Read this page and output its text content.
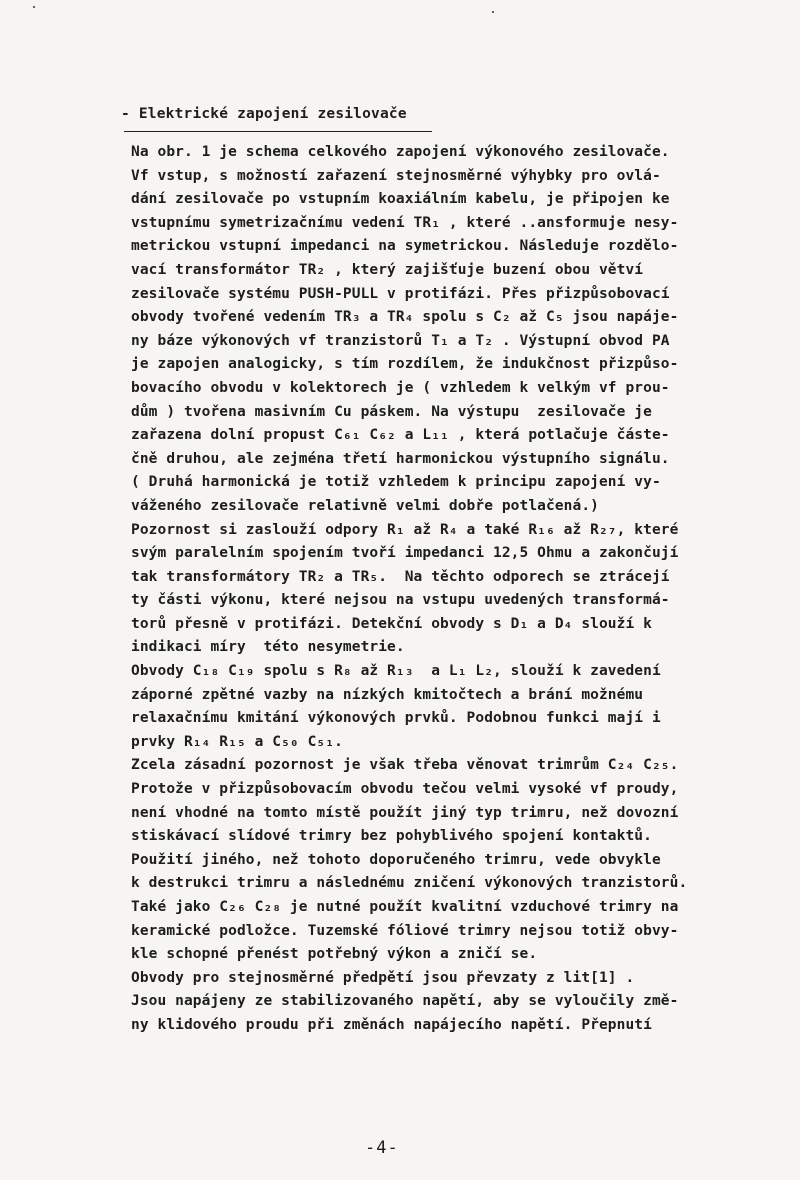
- Elektrické zapojení zesilovače
Na obr. 1 je schema celkového zapojení výkonového zesilovače.
Vf vstup, s možností zařazení stejnosměrné výhybky pro ovlá-
dání zesilovače po vstupním koaxiálním kabelu, je připojen ke
vstupnímu symetrizačnímu vedení TR₁ , které ..ansformuje nesy-
metrickou vstupní impedanci na symetrickou. Následuje rozdělo-
vací transformátor TR₂ , který zajišťuje buzení obou větví
zesilovače systému PUSH-PULL v protifázi. Přes přizpůsobovací
obvody tvořené vedením TR₃ a TR₄ spolu s C₂ až C₅ jsou napáje-
ny báze výkonových vf tranzistorů T₁ a T₂ . Výstupní obvod PA
je zapojen analogicky, s tím rozdílem, že indukčnost přizpůso-
bovacího obvodu v kolektorech je ( vzhledem k velkým vf prou-
dům ) tvořena masivním Cu páskem. Na výstupu  zesilovače je
zařazena dolní propust C₆₁ C₆₂ a L₁₁ , která potlačuje částe-
čně druhou, ale zejména třetí harmonickou výstupního signálu.
( Druhá harmonická je totiž vzhledem k principu zapojení vy-
váženého zesilovače relativně velmi dobře potlačená.)
Pozornost si zaslouží odpory R₁ až R₄ a také R₁₆ až R₂₇, které
svým paralelním spojením tvoří impedanci 12,5 Ohmu a zakončují
tak transformátory TR₂ a TR₅.  Na těchto odporech se ztrácejí
ty části výkonu, které nejsou na vstupu uvedených transformá-
torů přesně v protifázi. Detekční obvody s D₁ a D₄ slouží k
indikaci míry  této nesymetrie.
Obvody C₁₈ C₁₉ spolu s R₈ až R₁₃  a L₁ L₂, slouží k zavedení
záporné zpětné vazby na nízkých kmitočtech a brání možnému
relaxačnímu kmitání výkonových prvků. Podobnou funkci mají i
prvky R₁₄ R₁₅ a C₅₀ C₅₁.
Zcela zásadní pozornost je však třeba věnovat trimrům C₂₄ C₂₅.
Protože v přizpůsobovacím obvodu tečou velmi vysoké vf proudy,
není vhodné na tomto místě použít jiný typ trimru, než dovozní
stiskávací slídové trimry bez pohyblivého spojení kontaktů.
Použití jiného, než tohoto doporučeného trimru, vede obvykle
k destrukci trimru a následnému zničení výkonových tranzistorů.
Také jako C₂₆ C₂₈ je nutné použít kvalitní vzduchové trimry na
keramické podložce. Tuzemské fóliové trimry nejsou totiž obvy-
kle schopné přenést potřebný výkon a zničí se.
Obvody pro stejnosměrné předpětí jsou převzaty z lit[1] .
Jsou napájeny ze stabilizovaného napětí, aby se vyloučily změ-
ny klidového proudu při změnách napájecího napětí. Přepnutí
-4-
